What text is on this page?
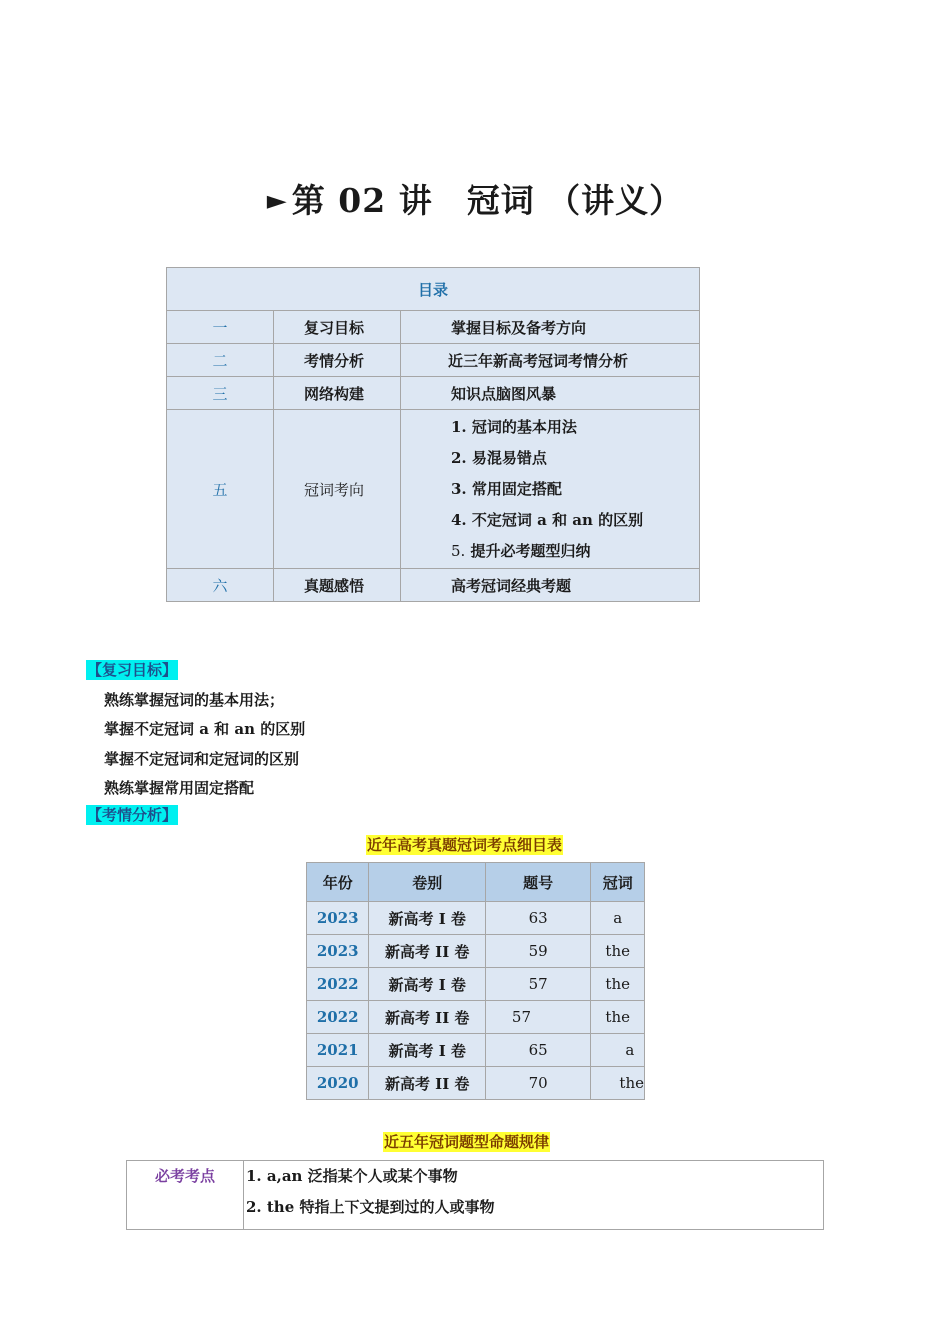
► 第 02 讲　冠词 （讲义）
目录		
一	复习目标	掌握目标及备考方向
二	考情分析	近三年新高考冠词考情分析
三	网络构建	知识点脑图风暴
五	冠词考向	1. 冠词的基本用法
2. 易混易错点
3. 常用固定搭配
4. 不定冠词 a 和 an 的区别
5. 提升必考题型归纳

六	真题感悟	高考冠词经典考题
【复习目标】
熟练掌握冠词的基本用法；
掌握不定冠词 a 和 an 的区别
掌握不定冠词和定冠词的区别
熟练掌握常用固定搭配
【考情分析】
近年高考真题冠词考点细目表
年份	卷别	题号	冠词
2023	新高考 I 卷	63	a
2023	新高考 II 卷	59	the
2022	新高考 I 卷	57	the
2022	新高考 II 卷	57	the
2021	新高考 I 卷	65	a
2020	新高考 II 卷	70	the
近五年冠词题型命题规律
必考考点	1. a,an 泛指某个人或某个事物
2. the 特指上下文提到过的人或事物
